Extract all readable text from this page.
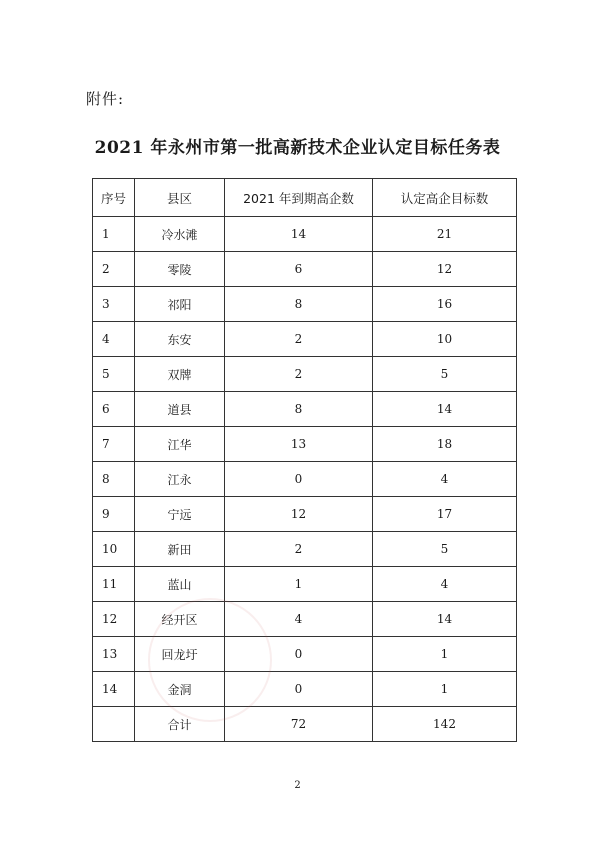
附件:
2021 年永州市第一批高新技术企业认定目标任务表
序号	县区	2021 年到期高企数	认定高企目标数
1	冷水滩	14	21
2	零陵	6	12
3	祁阳	8	16
4	东安	2	10
5	双牌	2	5
6	道县	8	14
7	江华	13	18
8	江永	0	4
9	宁远	12	17
10	新田	2	5
11	蓝山	1	4
12	经开区	4	14
13	回龙圩	0	1
14	金洞	0	1
	合计	72	142
2
